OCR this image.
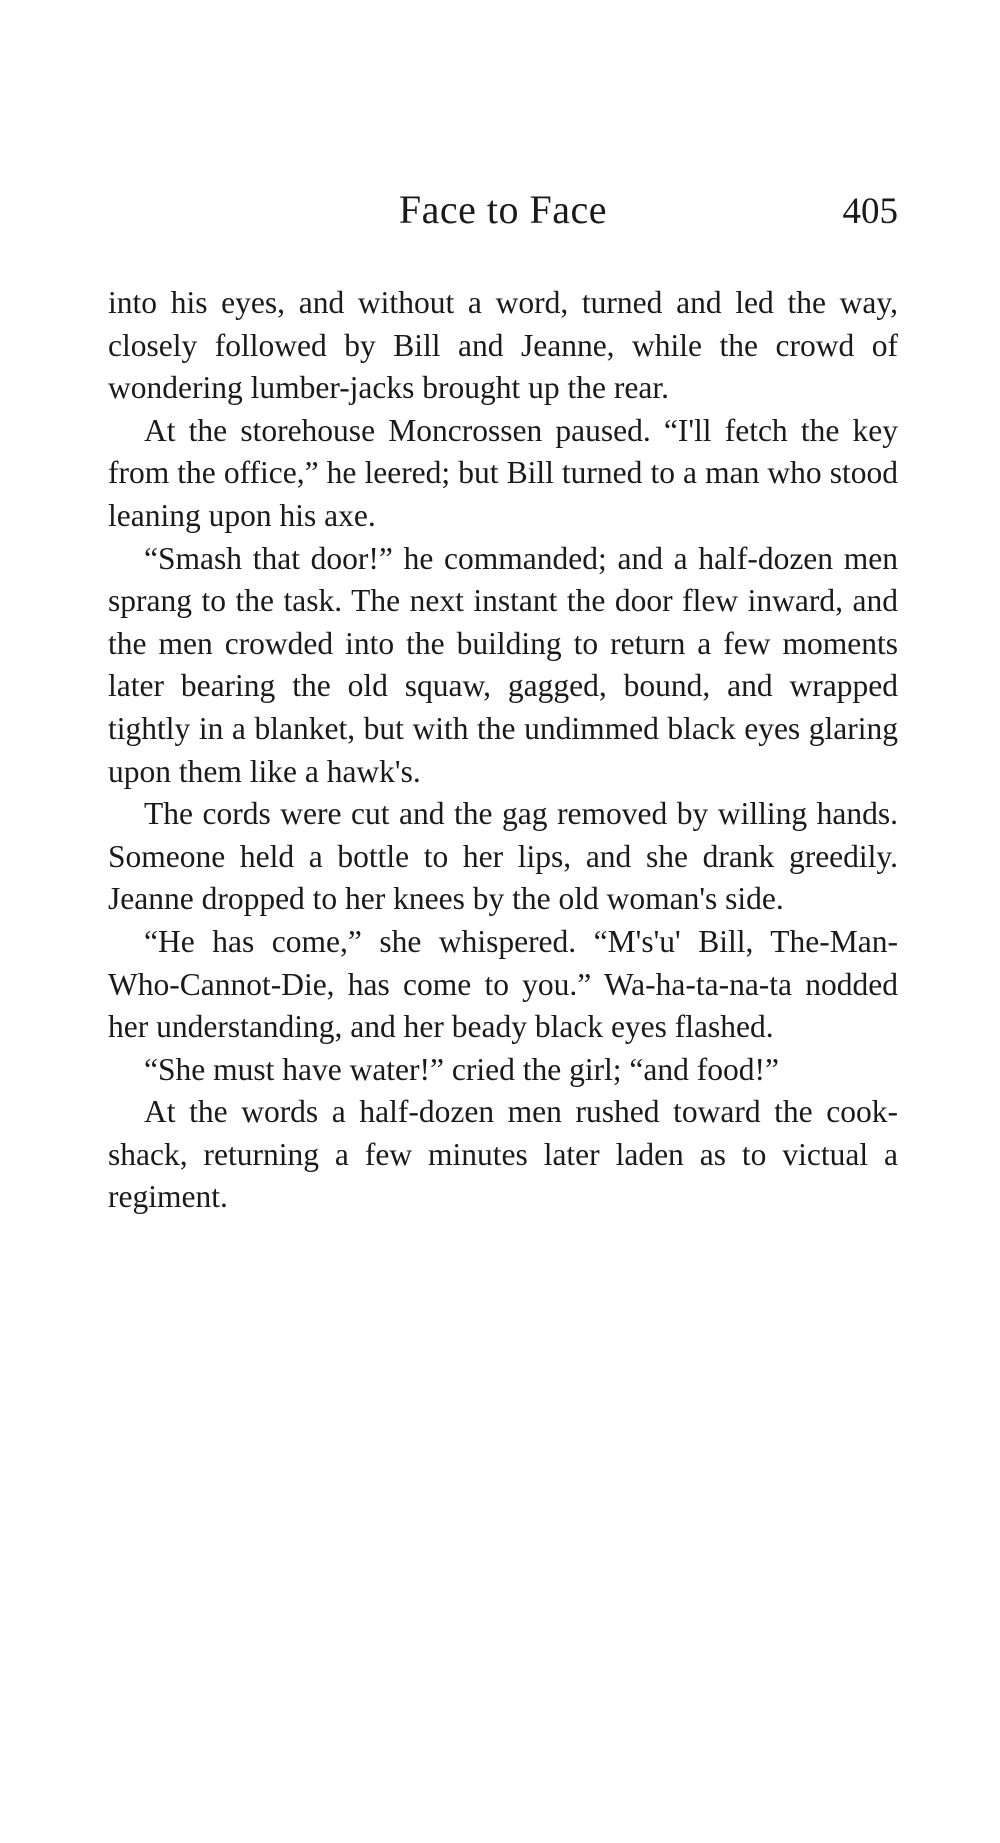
Face to Face	405

into his eyes, and without a word, turned and led the way, closely followed by Bill and Jeanne, while the crowd of wondering lumber-jacks brought up the rear.

At the storehouse Moncrossen paused. “I'll fetch the key from the office,” he leered; but Bill turned to a man who stood leaning upon his axe.

“Smash that door!” he commanded; and a half-dozen men sprang to the task. The next instant the door flew inward, and the men crowded into the building to return a few moments later bearing the old squaw, gagged, bound, and wrapped tightly in a blanket, but with the undimmed black eyes glaring upon them like a hawk's.

The cords were cut and the gag removed by willing hands. Someone held a bottle to her lips, and she drank greedily. Jeanne dropped to her knees by the old woman's side.

“He has come,” she whispered. “M's'u' Bill, The-Man-Who-Cannot-Die, has come to you.” Wa-ha-ta-na-ta nodded her understanding, and her beady black eyes flashed.

“She must have water!” cried the girl; “and food!”

At the words a half-dozen men rushed toward the cook-shack, returning a few minutes later laden as to victual a regiment.
